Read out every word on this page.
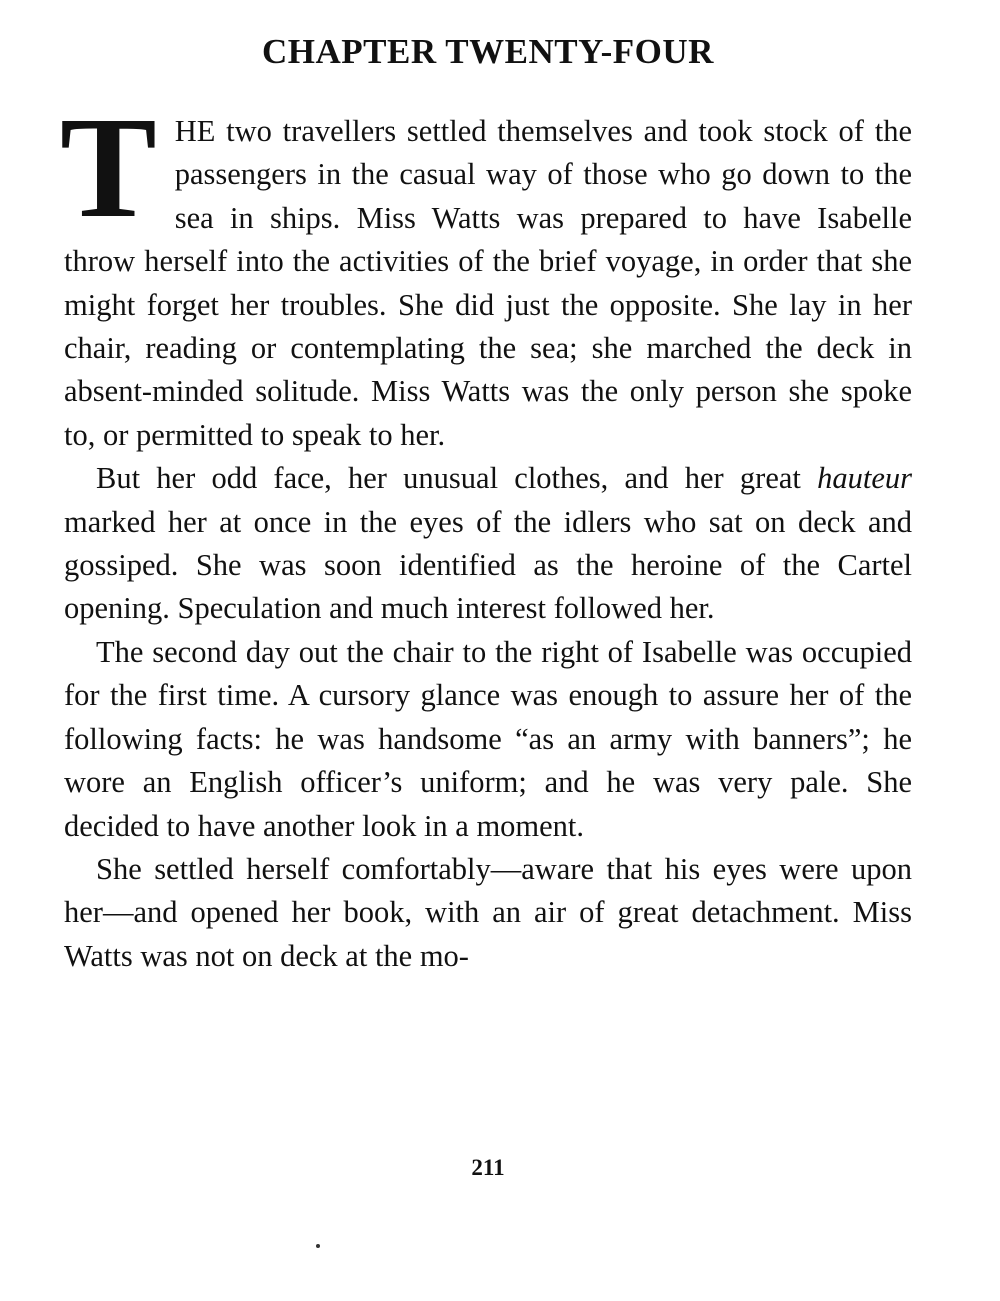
CHAPTER TWENTY-FOUR

THE two travellers settled themselves and took stock of the passengers in the casual way of those who go down to the sea in ships. Miss Watts was prepared to have Isabelle throw herself into the activities of the brief voyage, in order that she might forget her troubles. She did just the opposite. She lay in her chair, reading or contemplating the sea; she marched the deck in absent-minded solitude. Miss Watts was the only person she spoke to, or permitted to speak to her.

But her odd face, her unusual clothes, and her great hauteur marked her at once in the eyes of the idlers who sat on deck and gossiped. She was soon identified as the heroine of the Cartel opening. Speculation and much interest followed her.

The second day out the chair to the right of Isabelle was occupied for the first time. A cursory glance was enough to assure her of the following facts: he was handsome “as an army with banners”; he wore an English officer’s uniform; and he was very pale. She decided to have another look in a moment.

She settled herself comfortably—aware that his eyes were upon her—and opened her book, with an air of great detachment. Miss Watts was not on deck at the mo-

211
